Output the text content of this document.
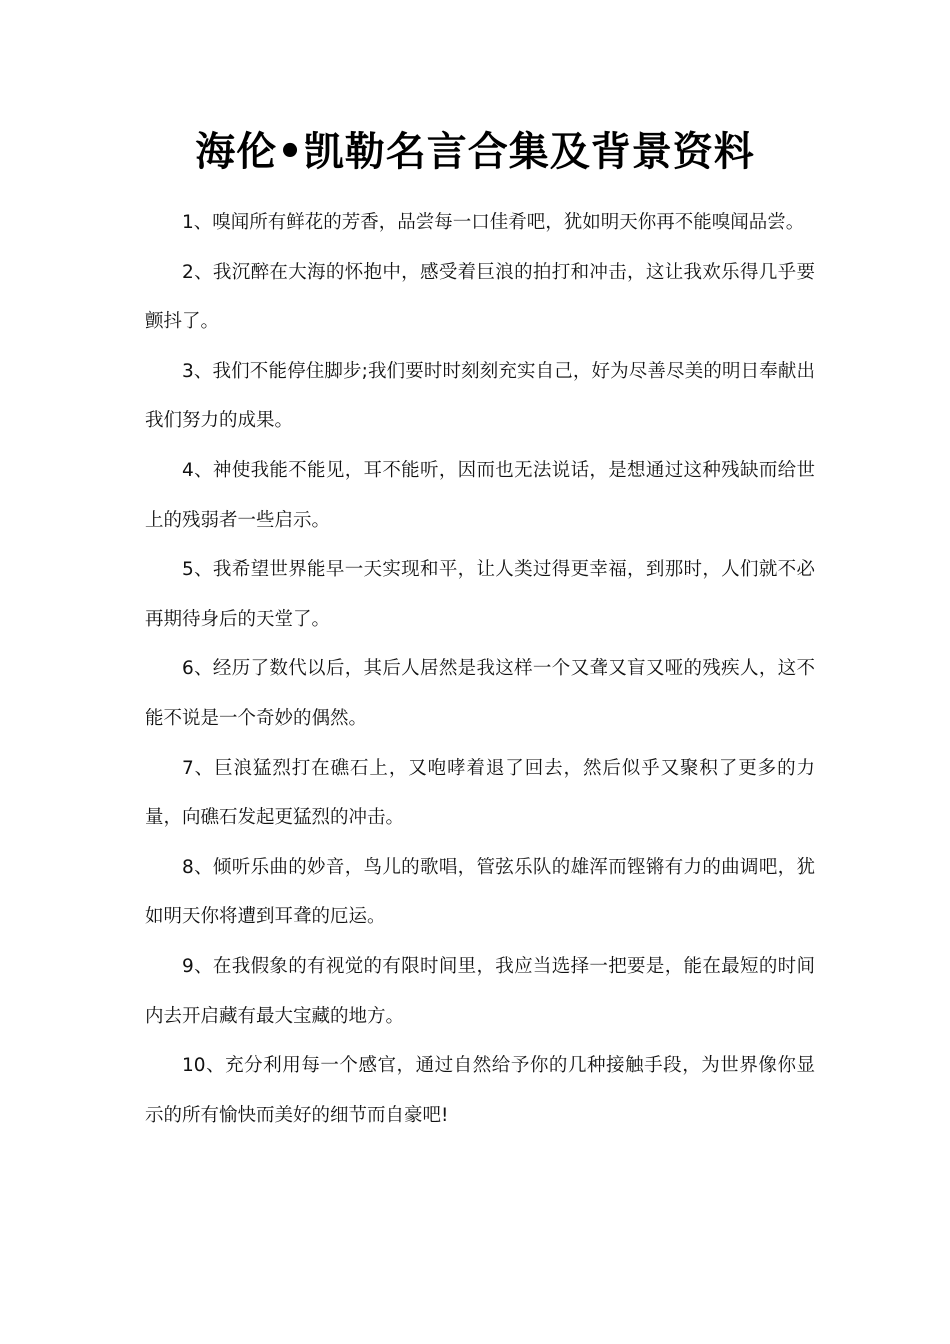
海伦•凯勒名言合集及背景资料

1、嗅闻所有鲜花的芳香，品尝每一口佳肴吧，犹如明天你再不能嗅闻品尝。

2、我沉醉在大海的怀抱中，感受着巨浪的拍打和冲击，这让我欢乐得几乎要颤抖了。

3、我们不能停住脚步;我们要时时刻刻充实自己，好为尽善尽美的明日奉献出我们努力的成果。

4、神使我能不能见，耳不能听，因而也无法说话，是想通过这种残缺而给世上的残弱者一些启示。

5、我希望世界能早一天实现和平，让人类过得更幸福，到那时，人们就不必再期待身后的天堂了。

6、经历了数代以后，其后人居然是我这样一个又聋又盲又哑的残疾人，这不能不说是一个奇妙的偶然。

7、巨浪猛烈打在礁石上，又咆哮着退了回去，然后似乎又聚积了更多的力量，向礁石发起更猛烈的冲击。

8、倾听乐曲的妙音，鸟儿的歌唱，管弦乐队的雄浑而铿锵有力的曲调吧，犹如明天你将遭到耳聋的厄运。

9、在我假象的有视觉的有限时间里，我应当选择一把要是，能在最短的时间内去开启藏有最大宝藏的地方。

10、充分利用每一个感官，通过自然给予你的几种接触手段，为世界像你显示的所有愉快而美好的细节而自豪吧!
